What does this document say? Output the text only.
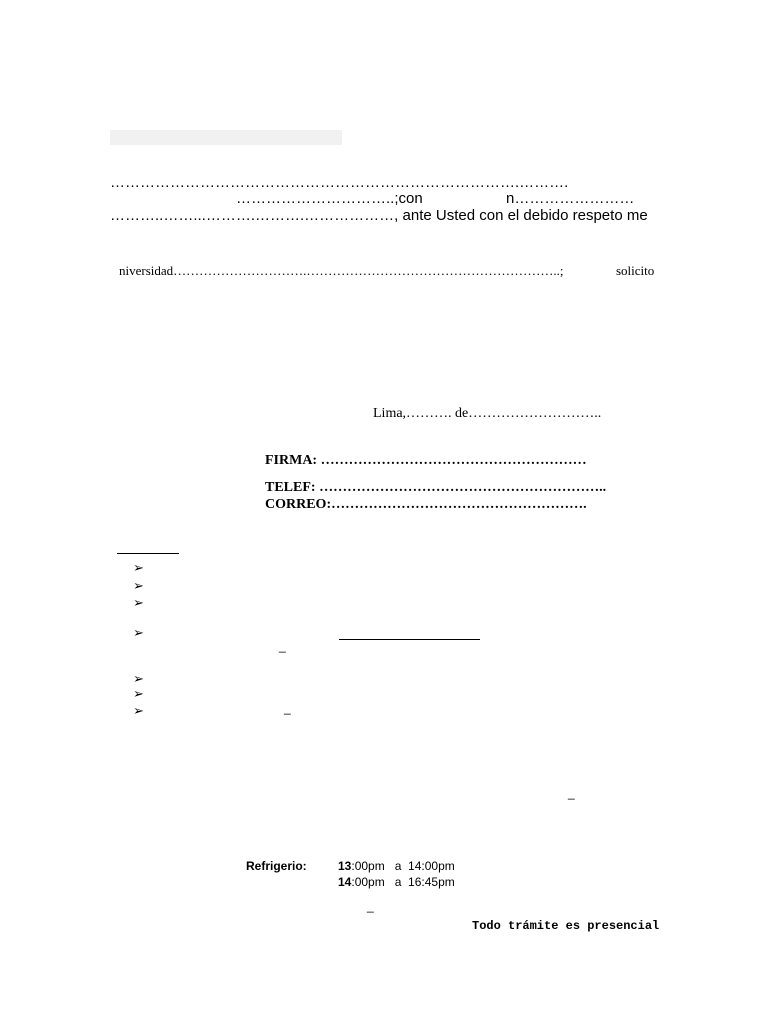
……………………………………………………………………….……….
…………………………..;con	n……………………
………..……...……….……….………………, ante Usted con el debido respeto me
niversidad………………………….…………………………………………………..;	solicito
Lima,………. de………………………..
FIRMA: …………………………………………………
TELEF: ……………………………………………………..
CORREO:……………………………………………….
➢
➢
➢
➢
_
➢
➢
➢	_
_
Refrigerio:	13:00pm   a  14:00pm
14:00pm   a  16:45pm
_
Todo trámite es presencial
